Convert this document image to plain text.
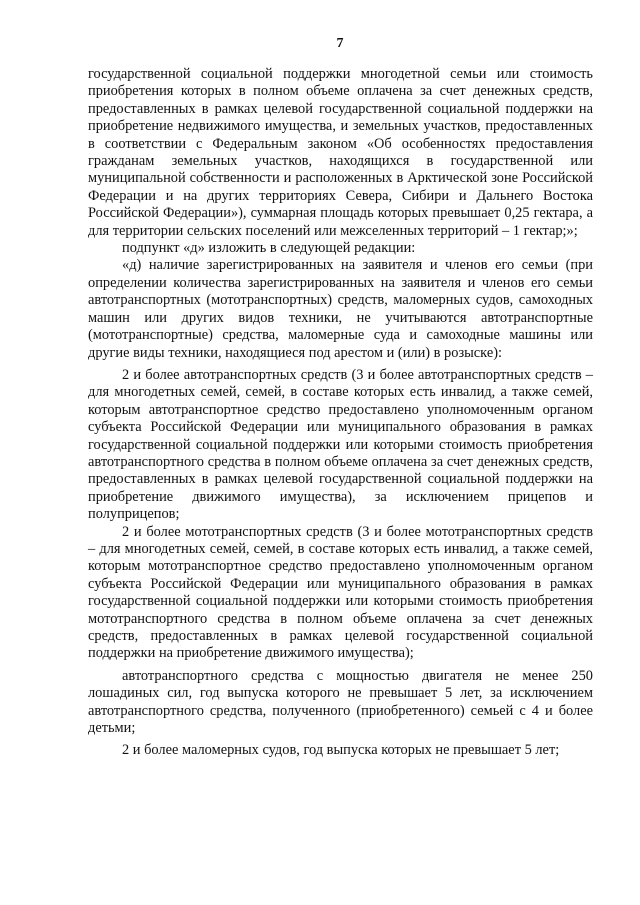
7

государственной социальной поддержки многодетной семьи или стоимость приобретения которых в полном объеме оплачена за счет денежных средств, предоставленных в рамках целевой государственной социальной поддержки на приобретение недвижимого имущества, и земельных участков, предоставленных в соответствии с Федеральным законом «Об особенностях предоставления гражданам земельных участков, находящихся в государственной или муниципальной собственности и расположенных в Арктической зоне Российской Федерации и на других территориях Севера, Сибири и Дальнего Востока Российской Федерации»), суммарная площадь которых превышает 0,25 гектара, а для территории сельских поселений или межселенных территорий – 1 гектар;»;

подпункт «д» изложить в следующей редакции:

«д) наличие зарегистрированных на заявителя и членов его семьи (при определении количества зарегистрированных на заявителя и членов его семьи автотранспортных (мототранспортных) средств, маломерных судов, самоходных машин или других видов техники, не учитываются автотранспортные (мототранспортные) средства, маломерные суда и самоходные машины или другие виды техники, находящиеся под арестом и (или) в розыске):

2 и более автотранспортных средств (3 и более автотранспортных средств – для многодетных семей, семей, в составе которых есть инвалид, а также семей, которым автотранспортное средство предоставлено уполномоченным органом субъекта Российской Федерации или муниципального образования в рамках государственной социальной поддержки или которыми стоимость приобретения автотранспортного средства в полном объеме оплачена за счет денежных средств, предоставленных в рамках целевой государственной социальной поддержки на приобретение движимого имущества), за исключением прицепов и полуприцепов;

2 и более мототранспортных средств (3 и более мототранспортных средств – для многодетных семей, семей, в составе которых есть инвалид, а также семей, которым мототранспортное средство предоставлено уполномоченным органом субъекта Российской Федерации или муниципального образования в рамках государственной социальной поддержки или которыми стоимость приобретения мототранспортного средства в полном объеме оплачена за счет денежных средств, предоставленных в рамках целевой государственной социальной поддержки на приобретение движимого имущества);

автотранспортного средства с мощностью двигателя не менее 250 лошадиных сил, год выпуска которого не превышает 5 лет, за исключением автотранспортного средства, полученного (приобретенного) семьей с 4 и более детьми;

2 и более маломерных судов, год выпуска которых не превышает 5 лет;
